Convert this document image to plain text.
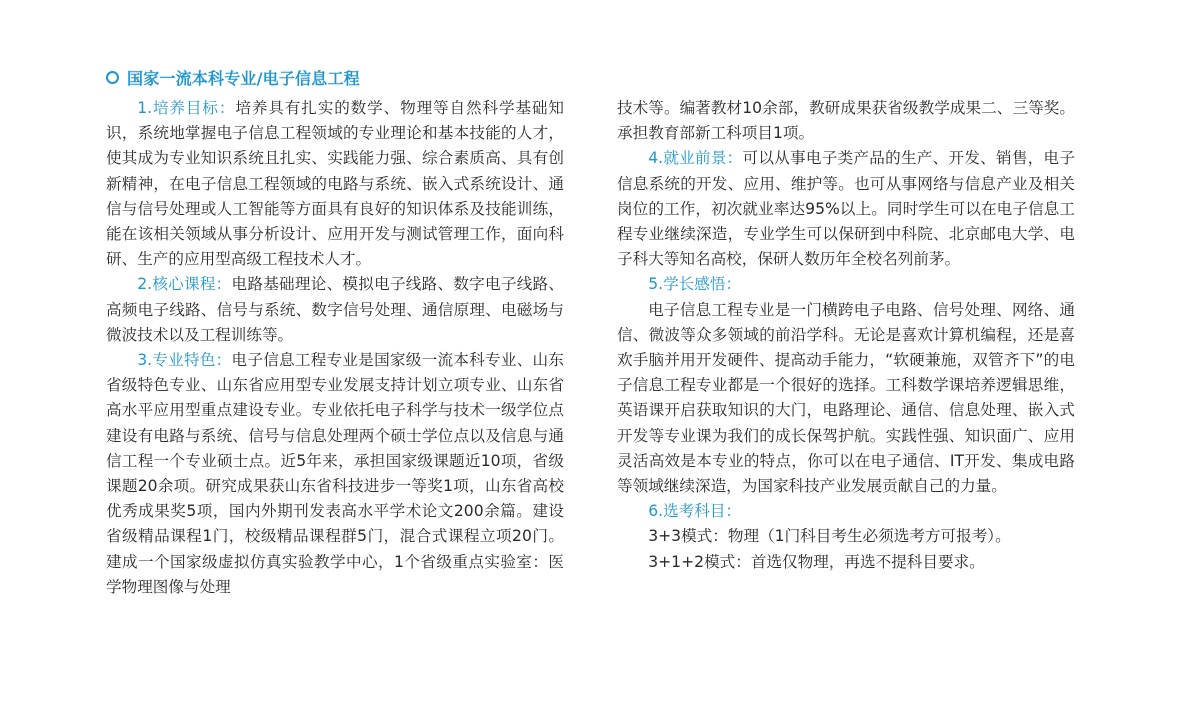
国家一流本科专业/电子信息工程

1.培养目标：培养具有扎实的数学、物理等自然科学基础知识，系统地掌握电子信息工程领域的专业理论和基本技能的人才，使其成为专业知识系统且扎实、实践能力强、综合素质高、具有创新精神，在电子信息工程领域的电路与系统、嵌入式系统设计、通信与信号处理或人工智能等方面具有良好的知识体系及技能训练，能在该相关领域从事分析设计、应用开发与测试管理工作，面向科研、生产的应用型高级工程技术人才。

2.核心课程：电路基础理论、模拟电子线路、数字电子线路、高频电子线路、信号与系统、数字信号处理、通信原理、电磁场与微波技术以及工程训练等。

3.专业特色：电子信息工程专业是国家级一流本科专业、山东省级特色专业、山东省应用型专业发展支持计划立项专业、山东省高水平应用型重点建设专业。专业依托电子科学与技术一级学位点建设有电路与系统、信号与信息处理两个硕士学位点以及信息与通信工程一个专业硕士点。近5年来，承担国家级课题近10项，省级课题20余项。研究成果获山东省科技进步一等奖1项，山东省高校优秀成果奖5项，国内外期刊发表高水平学术论文200余篇。建设省级精品课程1门，校级精品课程群5门，混合式课程立项20门。建成一个国家级虚拟仿真实验教学中心，1个省级重点实验室：医学物理图像与处理

技术等。编著教材10余部，教研成果获省级教学成果二、三等奖。承担教育部新工科项目1项。

4.就业前景：可以从事电子类产品的生产、开发、销售，电子信息系统的开发、应用、维护等。也可从事网络与信息产业及相关岗位的工作，初次就业率达95%以上。同时学生可以在电子信息工程专业继续深造，专业学生可以保研到中科院、北京邮电大学、电子科大等知名高校，保研人数历年全校名列前茅。

5.学长感悟：

电子信息工程专业是一门横跨电子电路、信号处理、网络、通信、微波等众多领域的前沿学科。无论是喜欢计算机编程，还是喜欢手脑并用开发硬件、提高动手能力，“软硬兼施，双管齐下”的电子信息工程专业都是一个很好的选择。工科数学课培养逻辑思维，英语课开启获取知识的大门，电路理论、通信、信息处理、嵌入式开发等专业课为我们的成长保驾护航。实践性强、知识面广、应用灵活高效是本专业的特点，你可以在电子通信、IT开发、集成电路等领域继续深造，为国家科技产业发展贡献自己的力量。

6.选考科目：

3+3模式：物理（1门科目考生必须选考方可报考）。

3+1+2模式：首选仅物理，再选不提科目要求。
